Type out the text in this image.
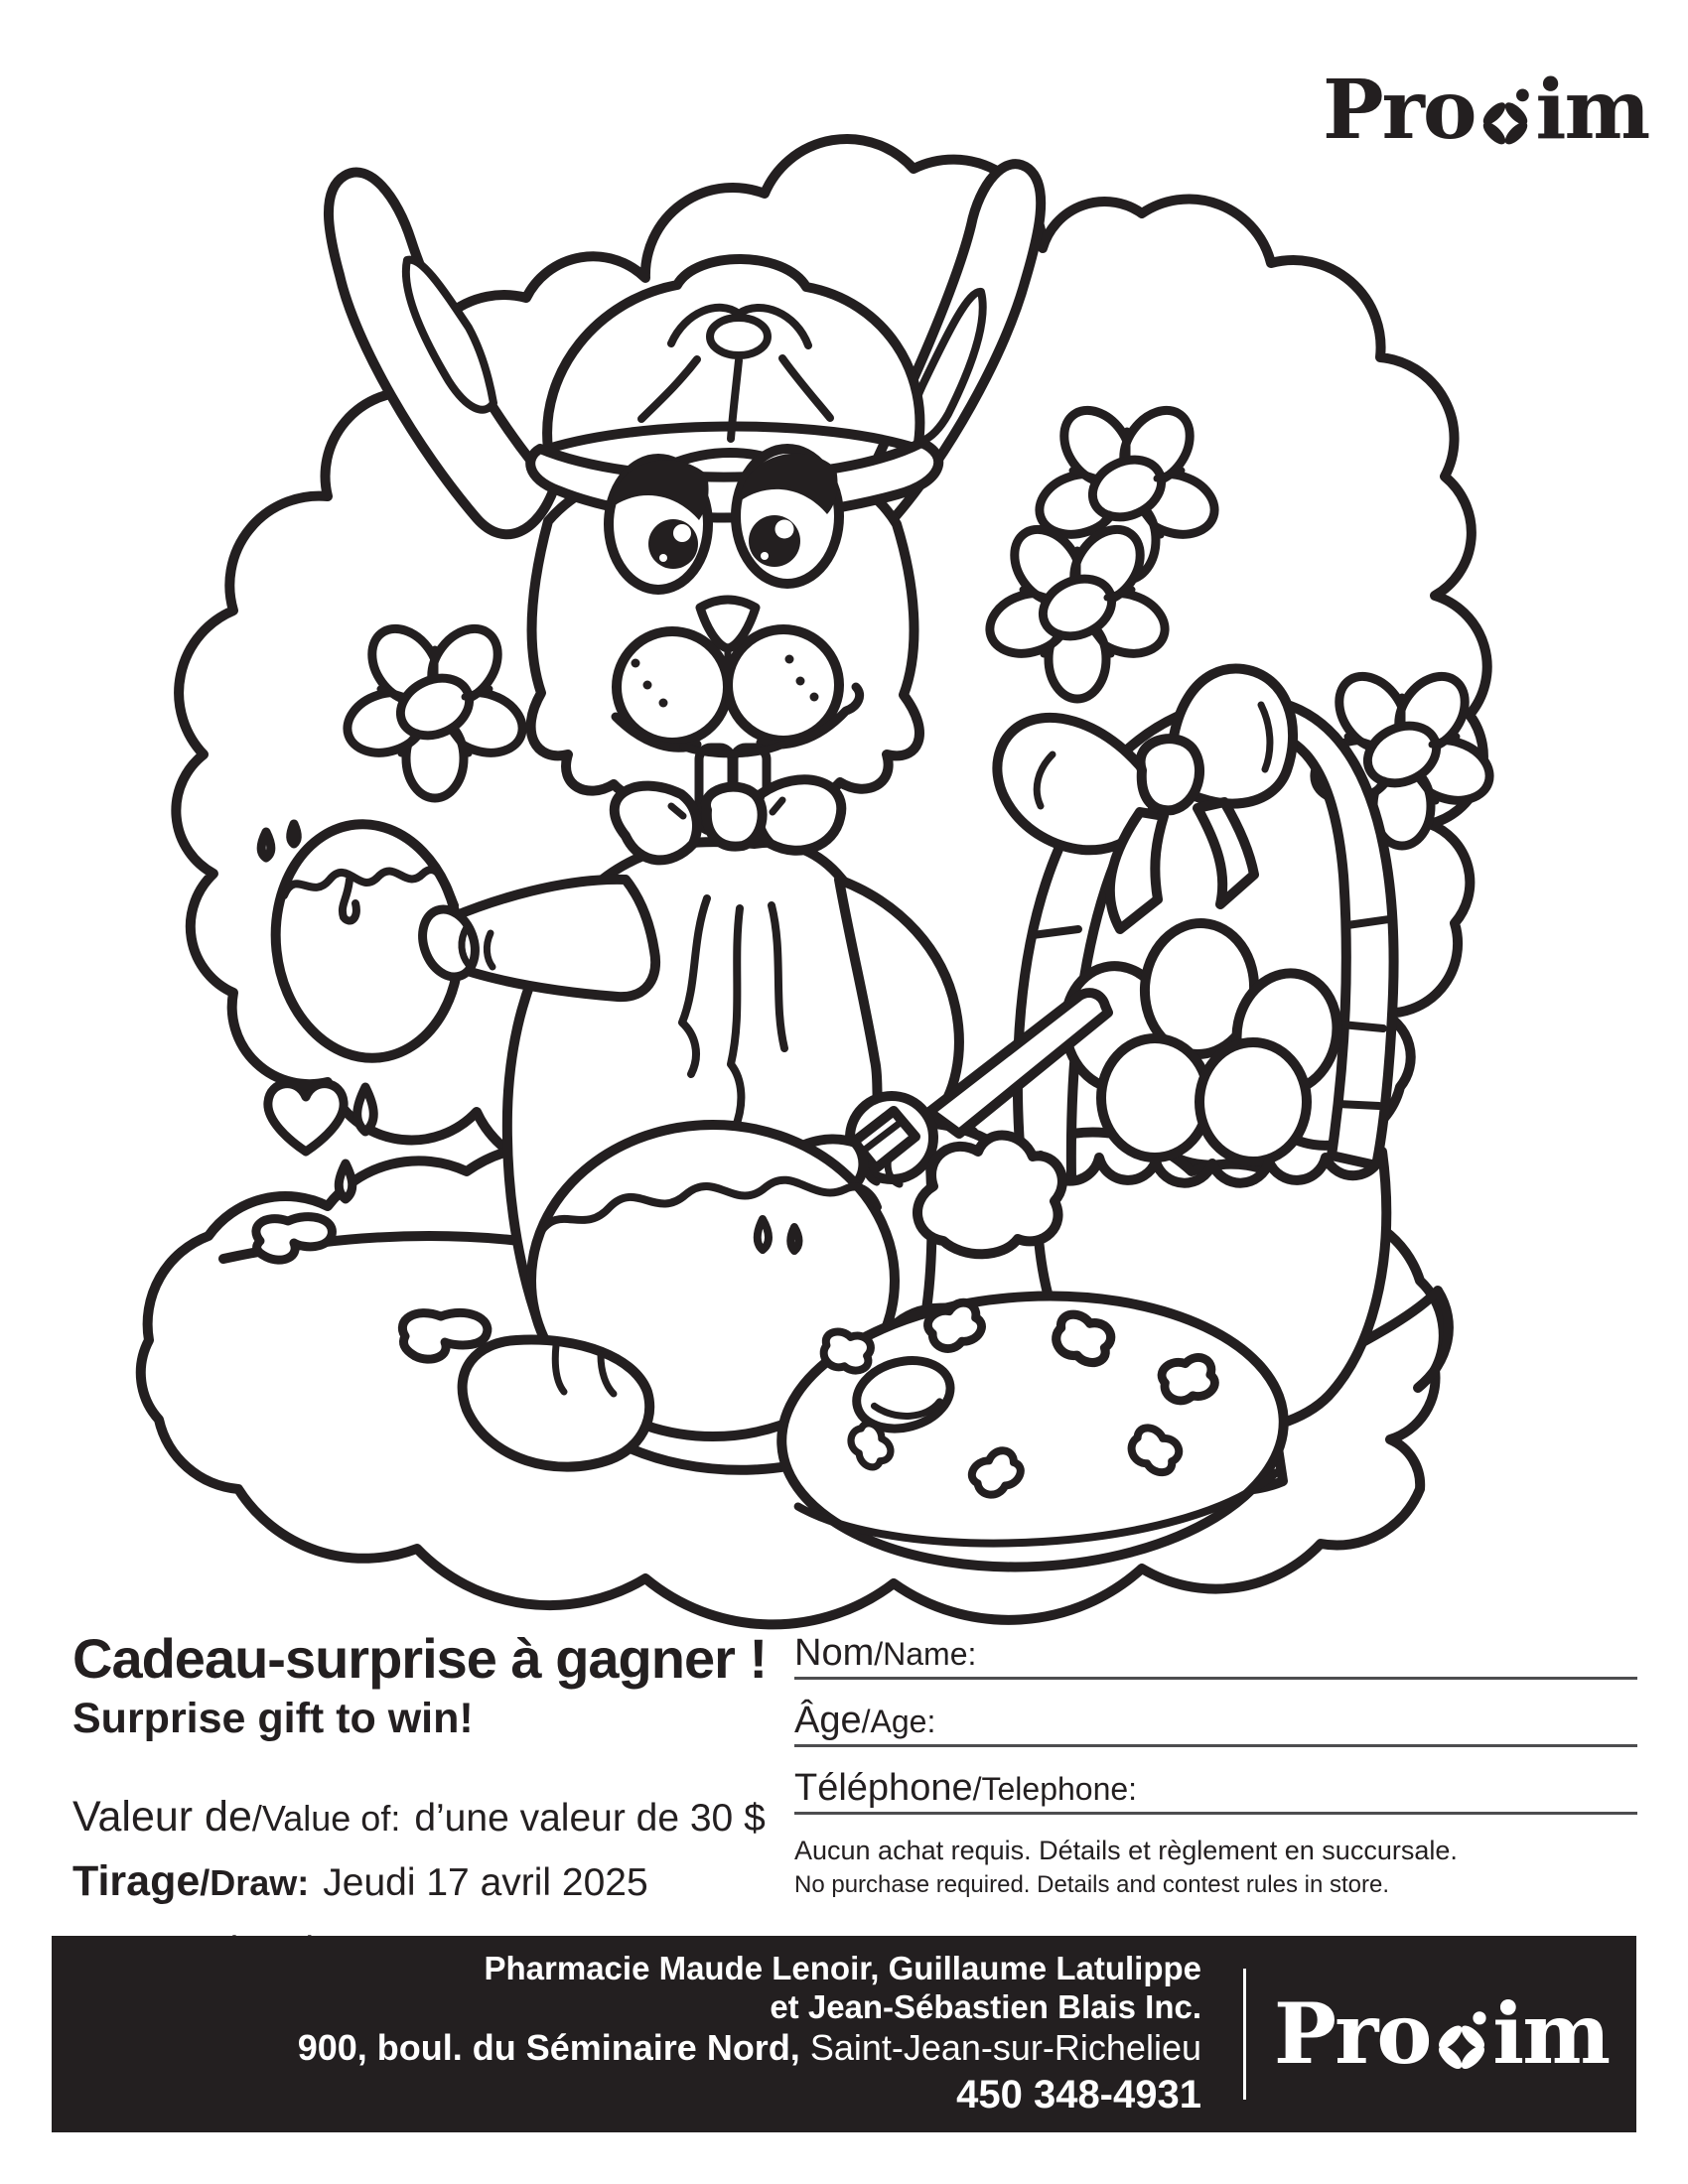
Pro im
Cadeau-surprise à gagner !
Surprise gift to win!
Valeur de/Value of: d’une valeur de 30 $
Tirage/Draw: Jeudi 17 avril 2025
Nom/Name:
Âge/Age:
Téléphone/Telephone:
Aucun achat requis. Détails et règlement en succursale.
No purchase required. Details and contest rules in store.
Pharmacie Maude Lenoir, Guillaume Latulippe
et Jean-Sébastien Blais Inc.
900, boul. du Séminaire Nord, Saint-Jean-sur-Richelieu
450 348-4931
Pro im
